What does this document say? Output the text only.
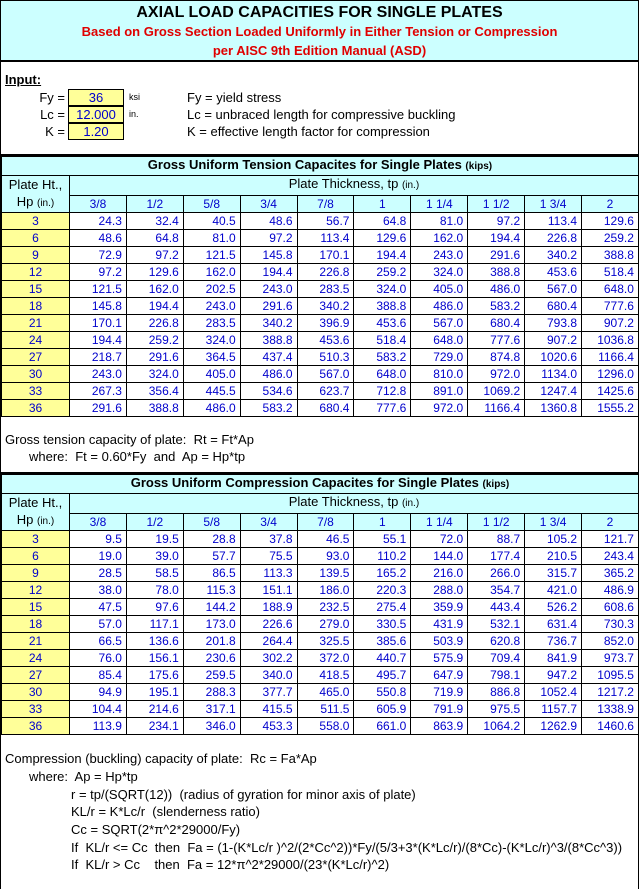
AXIAL LOAD CAPACITIES FOR SINGLE PLATES
Based on Gross Section Loaded Uniformly in Either Tension or Compression
per AISC 9th Edition Manual (ASD)
Input:
Fy =	36	ksi	Fy = yield stress
Lc = 12.000	in.	Lc = unbraced length for compressive buckling
K =	1.20	K = effective length factor for compression
Gross Uniform Tension Capacites for Single Plates (kips)										

Plate Ht.,
Hp (in.)	Plate Thickness, tp (in.)									
	3/8	1/2	5/8	3/4	7/8	1	1 1/4	1 1/2	1 3/4	2
3	24.3	32.4	40.5	48.6	56.7	64.8	81.0	97.2	113.4	129.6
6	48.6	64.8	81.0	97.2	113.4	129.6	162.0	194.4	226.8	259.2
9	72.9	97.2	121.5	145.8	170.1	194.4	243.0	291.6	340.2	388.8
12	97.2	129.6	162.0	194.4	226.8	259.2	324.0	388.8	453.6	518.4
15	121.5	162.0	202.5	243.0	283.5	324.0	405.0	486.0	567.0	648.0
18	145.8	194.4	243.0	291.6	340.2	388.8	486.0	583.2	680.4	777.6
21	170.1	226.8	283.5	340.2	396.9	453.6	567.0	680.4	793.8	907.2
24	194.4	259.2	324.0	388.8	453.6	518.4	648.0	777.6	907.2	1036.8
27	218.7	291.6	364.5	437.4	510.3	583.2	729.0	874.8	1020.6	1166.4
30	243.0	324.0	405.0	486.0	567.0	648.0	810.0	972.0	1134.0	1296.0
33	267.3	356.4	445.5	534.6	623.7	712.8	891.0	1069.2	1247.4	1425.6
36	291.6	388.8	486.0	583.2	680.4	777.6	972.0	1166.4	1360.8	1555.2
Gross tension capacity of plate:  Rt = Ft*Ap
where:  Ft = 0.60*Fy  and  Ap = Hp*tp
Gross Uniform Compression Capacites for Single Plates (kips)										

Plate Ht.,
Hp (in.)	Plate Thickness, tp (in.)									
	3/8	1/2	5/8	3/4	7/8	1	1 1/4	1 1/2	1 3/4	2
3	9.5	19.5	28.8	37.8	46.5	55.1	72.0	88.7	105.2	121.7
6	19.0	39.0	57.7	75.5	93.0	110.2	144.0	177.4	210.5	243.4
9	28.5	58.5	86.5	113.3	139.5	165.2	216.0	266.0	315.7	365.2
12	38.0	78.0	115.3	151.1	186.0	220.3	288.0	354.7	421.0	486.9
15	47.5	97.6	144.2	188.9	232.5	275.4	359.9	443.4	526.2	608.6
18	57.0	117.1	173.0	226.6	279.0	330.5	431.9	532.1	631.4	730.3
21	66.5	136.6	201.8	264.4	325.5	385.6	503.9	620.8	736.7	852.0
24	76.0	156.1	230.6	302.2	372.0	440.7	575.9	709.4	841.9	973.7
27	85.4	175.6	259.5	340.0	418.5	495.7	647.9	798.1	947.2	1095.5
30	94.9	195.1	288.3	377.7	465.0	550.8	719.9	886.8	1052.4	1217.2
33	104.4	214.6	317.1	415.5	511.5	605.9	791.9	975.5	1157.7	1338.9
36	113.9	234.1	346.0	453.3	558.0	661.0	863.9	1064.2	1262.9	1460.6
Compression (buckling) capacity of plate:  Rc = Fa*Ap
where:  Ap = Hp*tp
r = tp/(SQRT(12))  (radius of gyration for minor axis of plate)
KL/r = K*Lc/r  (slenderness ratio)
Cc = SQRT(2*π^2*29000/Fy)
If  KL/r <= Cc  then  Fa = (1-(K*Lc/r )^2/(2*Cc^2))*Fy/(5/3+3*(K*Lc/r)/(8*Cc)-(K*Lc/r)^3/(8*Cc^3))
If  KL/r > Cc    then  Fa = 12*π^2*29000/(23*(K*Lc/r)^2)
